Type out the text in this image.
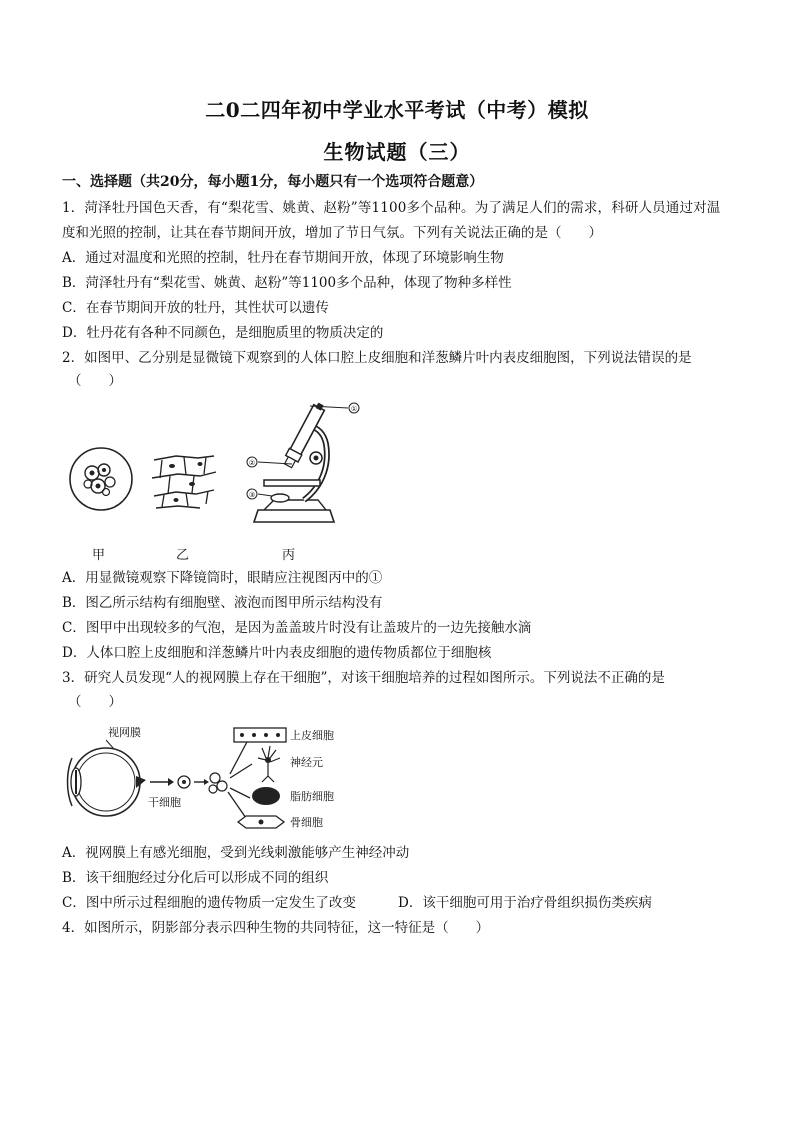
二0二四年初中学业水平考试（中考）模拟
生物试题（三）
一、选择题（共20分，每小题1分，每小题只有一个选项符合题意）
1．菏泽牡丹国色天香，有“梨花雪、姚黄、赵粉”等1100多个品种。为了满足人们的需求，科研人员通过对温
度和光照的控制，让其在春节期间开放，增加了节日气氛。下列有关说法正确的是（　　）
A．通过对温度和光照的控制，牡丹在春节期间开放，体现了环境影响生物
B．菏泽牡丹有“梨花雪、姚黄、赵粉”等1100多个品种，体现了物种多样性
C．在春节期间开放的牡丹，其性状可以遗传
D．牡丹花有各种不同颜色，是细胞质里的物质决定的
2．如图甲、乙分别是显微镜下观察到的人体口腔上皮细胞和洋葱鳞片叶内表皮细胞图，下列说法错误的是
（　　）
①
②
③
甲	乙	丙
A．用显微镜观察下降镜筒时，眼睛应注视图丙中的①
B．图乙所示结构有细胞壁、液泡而图甲所示结构没有
C．图甲中出现较多的气泡，是因为盖盖玻片时没有让盖玻片的一边先接触水滴
D．人体口腔上皮细胞和洋葱鳞片叶内表皮细胞的遗传物质都位于细胞核
3．研究人员发现“人的视网膜上存在干细胞”，对该干细胞培养的过程如图所示。下列说法不正确的是
（　　）
视网膜
干细胞
上皮细胞
神经元
脂肪细胞
骨细胞
A．视网膜上有感光细胞，受到光线刺激能够产生神经冲动
B．该干细胞经过分化后可以形成不同的组织
C．图中所示过程细胞的遗传物质一定发生了改变	D．该干细胞可用于治疗骨组织损伤类疾病
4．如图所示，阴影部分表示四种生物的共同特征，这一特征是（　　）
